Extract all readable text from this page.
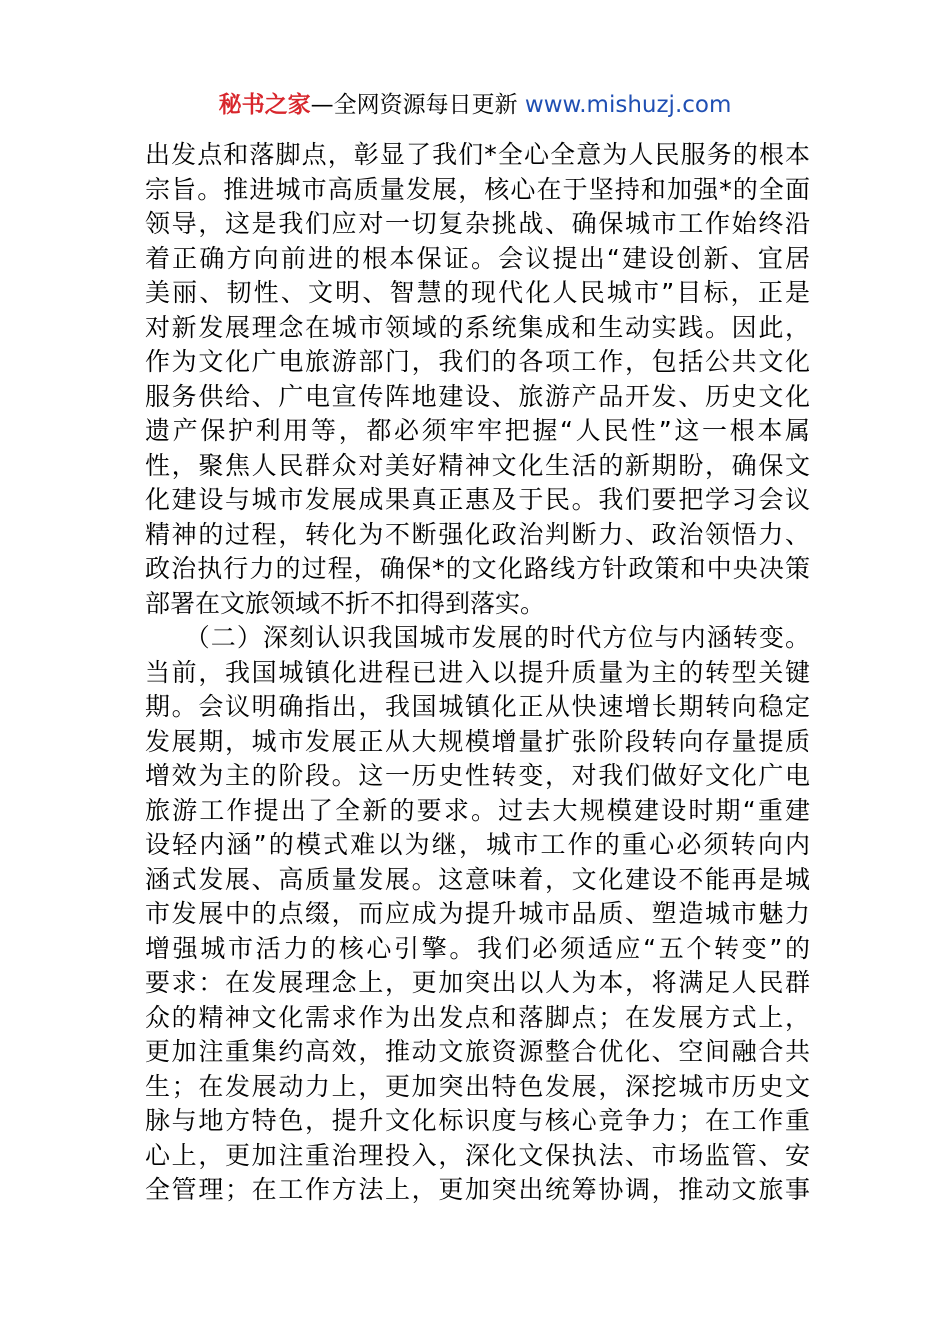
秘书之家—全网资源每日更新 www.mishuzj.com
出发点和落脚点，彰显了我们*全心全意为人民服务的根本
宗旨。推进城市高质量发展，核心在于坚持和加强*的全面
领导，这是我们应对一切复杂挑战、确保城市工作始终沿
着正确方向前进的根本保证。会议提出“建设创新、宜居
美丽、韧性、文明、智慧的现代化人民城市”目标，正是
对新发展理念在城市领域的系统集成和生动实践。因此，
作为文化广电旅游部门，我们的各项工作，包括公共文化
服务供给、广电宣传阵地建设、旅游产品开发、历史文化
遗产保护利用等，都必须牢牢把握“人民性”这一根本属
性，聚焦人民群众对美好精神文化生活的新期盼，确保文
化建设与城市发展成果真正惠及于民。我们要把学习会议
精神的过程，转化为不断强化政治判断力、政治领悟力、
政治执行力的过程，确保*的文化路线方针政策和中央决策
部署在文旅领域不折不扣得到落实。
　　（二）深刻认识我国城市发展的时代方位与内涵转变。
当前，我国城镇化进程已进入以提升质量为主的转型关键
期。会议明确指出，我国城镇化正从快速增长期转向稳定
发展期，城市发展正从大规模增量扩张阶段转向存量提质
增效为主的阶段。这一历史性转变，对我们做好文化广电
旅游工作提出了全新的要求。过去大规模建设时期“重建
设轻内涵”的模式难以为继，城市工作的重心必须转向内
涵式发展、高质量发展。这意味着，文化建设不能再是城
市发展中的点缀，而应成为提升城市品质、塑造城市魅力
增强城市活力的核心引擎。我们必须适应“五个转变”的
要求：在发展理念上，更加突出以人为本，将满足人民群
众的精神文化需求作为出发点和落脚点；在发展方式上，
更加注重集约高效，推动文旅资源整合优化、空间融合共
生；在发展动力上，更加突出特色发展，深挖城市历史文
脉与地方特色，提升文化标识度与核心竞争力；在工作重
心上，更加注重治理投入，深化文保执法、市场监管、安
全管理；在工作方法上，更加突出统筹协调，推动文旅事
